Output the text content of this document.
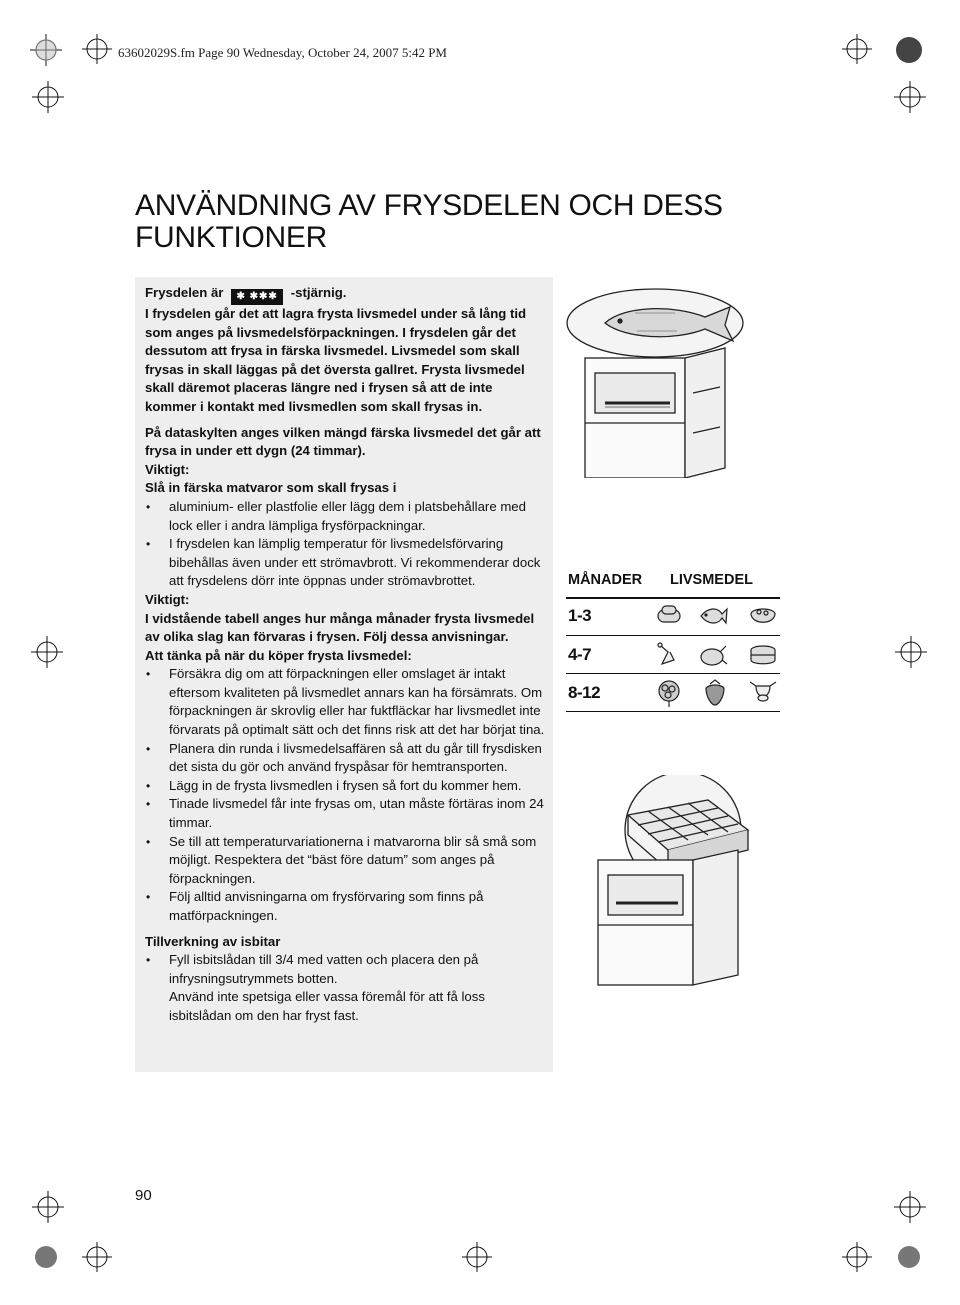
63602029S.fm Page 90 Wednesday, October 24, 2007 5:42 PM
ANVÄNDNING AV FRYSDELEN OCH DESS
FUNKTIONER

Frysdelen är ✱ ✱✱✱ -stjärnig.

I frysdelen går det att lagra frysta livsmedel under så lång tid som anges på livsmedelsförpackningen. I frysdelen går det dessutom att frysa in färska livsmedel. Livsmedel som skall frysas in skall läggas på det översta gallret. Frysta livsmedel skall däremot placeras längre ned i frysen så att de inte kommer i kontakt med livsmedlen som skall frysas in.

På dataskylten anges vilken mängd färska livsmedel det går att frysa in under ett dygn (24 timmar).

Viktigt:

Slå in färska matvaror som skall frysas i

• aluminium- eller plastfolie eller lägg dem i platsbehållare med lock eller i andra lämpliga frysförpackningar.
• I frysdelen kan lämplig temperatur för livsmedelsförvaring bibehållas även under ett strömavbrott. Vi rekommenderar dock att frysdelens dörr inte öppnas under strömavbrottet.

Viktigt:

I vidstående tabell anges hur många månader frysta livsmedel av olika slag kan förvaras i frysen. Följ dessa anvisningar.

Att tänka på när du köper frysta livsmedel:

• Försäkra dig om att förpackningen eller omslaget är intakt eftersom kvaliteten på livsmedlet annars kan ha försämrats. Om förpackningen är skrovlig eller har fuktfläckar har livsmedlet inte förvarats på optimalt sätt och det finns risk att det har börjat tina.
• Planera din runda i livsmedelsaffären så att du går till frysdisken det sista du gör och använd fryspåsar för hemtransporten.
• Lägg in de frysta livsmedlen i frysen så fort du kommer hem.
• Tinade livsmedel får inte frysas om, utan måste förtäras inom 24 timmar.
• Se till att temperaturvariationerna i matvarorna blir så små som möjligt. Respektera det “bäst före datum” som anges på förpackningen.
• Följ alltid anvisningarna om frysförvaring som finns på matförpackningen.

Tillverkning av isbitar

• Fyll isbitslådan till 3/4 med vatten och placera den på infrysningsutrymmets botten.
Använd inte spetsiga eller vassa föremål för att få loss isbitslådan om den har fryst fast.
MÅNADER LIVSMEDEL
1-3
4-7
8-12
90
